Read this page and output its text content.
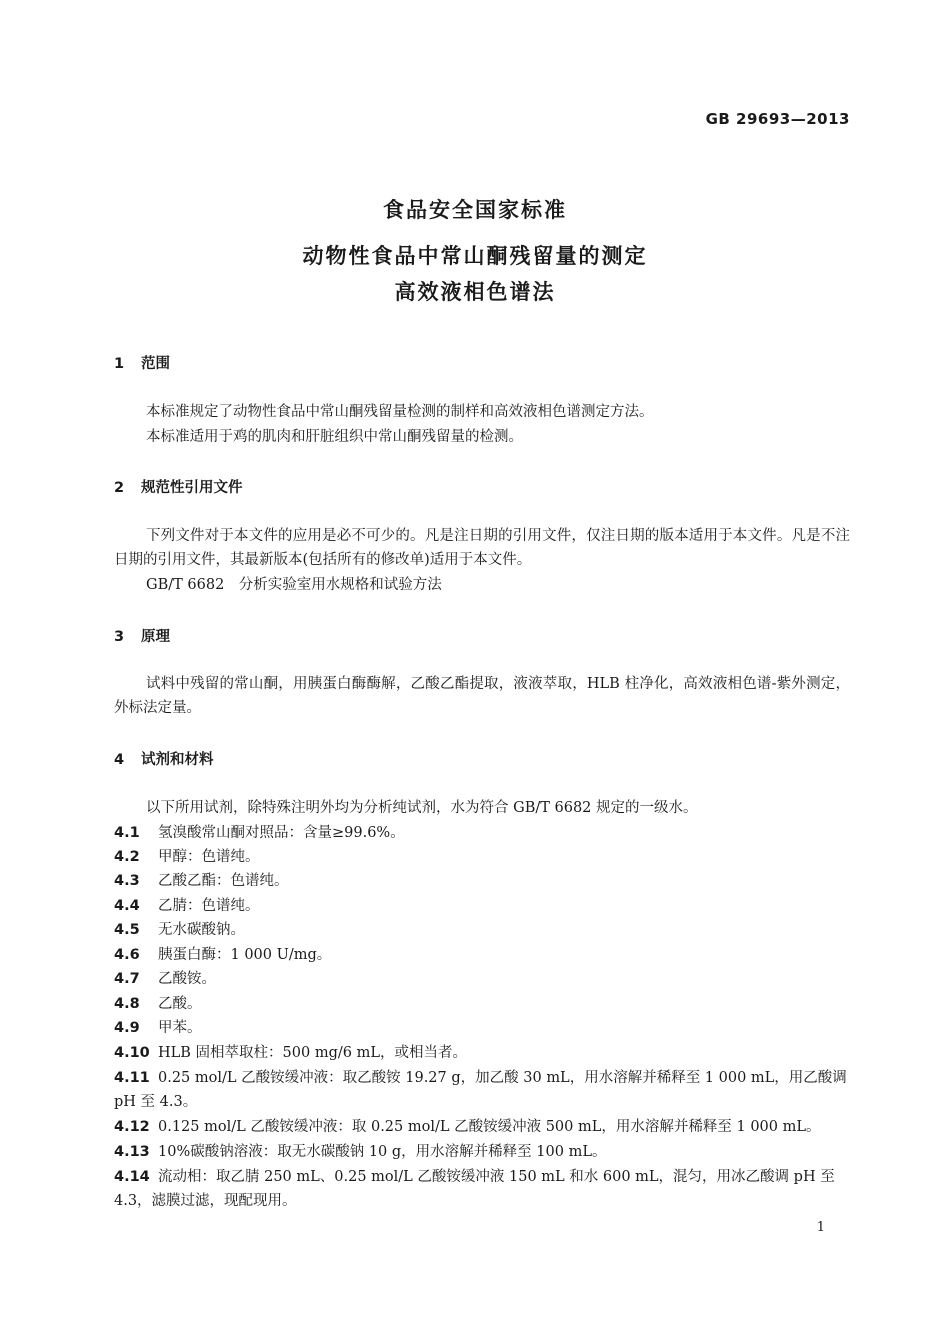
GB 29693—2013
食品安全国家标准
动物性食品中常山酮残留量的测定
高效液相色谱法
1 范围
本标准规定了动物性食品中常山酮残留量检测的制样和高效液相色谱测定方法。
本标准适用于鸡的肌肉和肝脏组织中常山酮残留量的检测。
2 规范性引用文件
下列文件对于本文件的应用是必不可少的。凡是注日期的引用文件，仅注日期的版本适用于本文件。凡是不注日期的引用文件，其最新版本(包括所有的修改单)适用于本文件。
GB/T 6682　分析实验室用水规格和试验方法
3 原理
试料中残留的常山酮，用胰蛋白酶酶解，乙酸乙酯提取，液液萃取，HLB 柱净化，高效液相色谱-紫外测定，外标法定量。
4 试剂和材料
以下所用试剂，除特殊注明外均为分析纯试剂，水为符合 GB/T 6682 规定的一级水。
4.1 氢溴酸常山酮对照品：含量≥99.6%。
4.2 甲醇：色谱纯。
4.3 乙酸乙酯：色谱纯。
4.4 乙腈：色谱纯。
4.5 无水碳酸钠。
4.6 胰蛋白酶：1 000 U/mg。
4.7 乙酸铵。
4.8 乙酸。
4.9 甲苯。
4.10 HLB 固相萃取柱：500 mg/6 mL，或相当者。
4.11 0.25 mol/L 乙酸铵缓冲液：取乙酸铵 19.27 g，加乙酸 30 mL，用水溶解并稀释至 1 000 mL，用乙酸调 pH 至 4.3。
4.12 0.125 mol/L 乙酸铵缓冲液：取 0.25 mol/L 乙酸铵缓冲液 500 mL，用水溶解并稀释至 1 000 mL。
4.13 10%碳酸钠溶液：取无水碳酸钠 10 g，用水溶解并稀释至 100 mL。
4.14 流动相：取乙腈 250 mL、0.25 mol/L 乙酸铵缓冲液 150 mL 和水 600 mL，混匀，用冰乙酸调 pH 至 4.3，滤膜过滤，现配现用。
1
